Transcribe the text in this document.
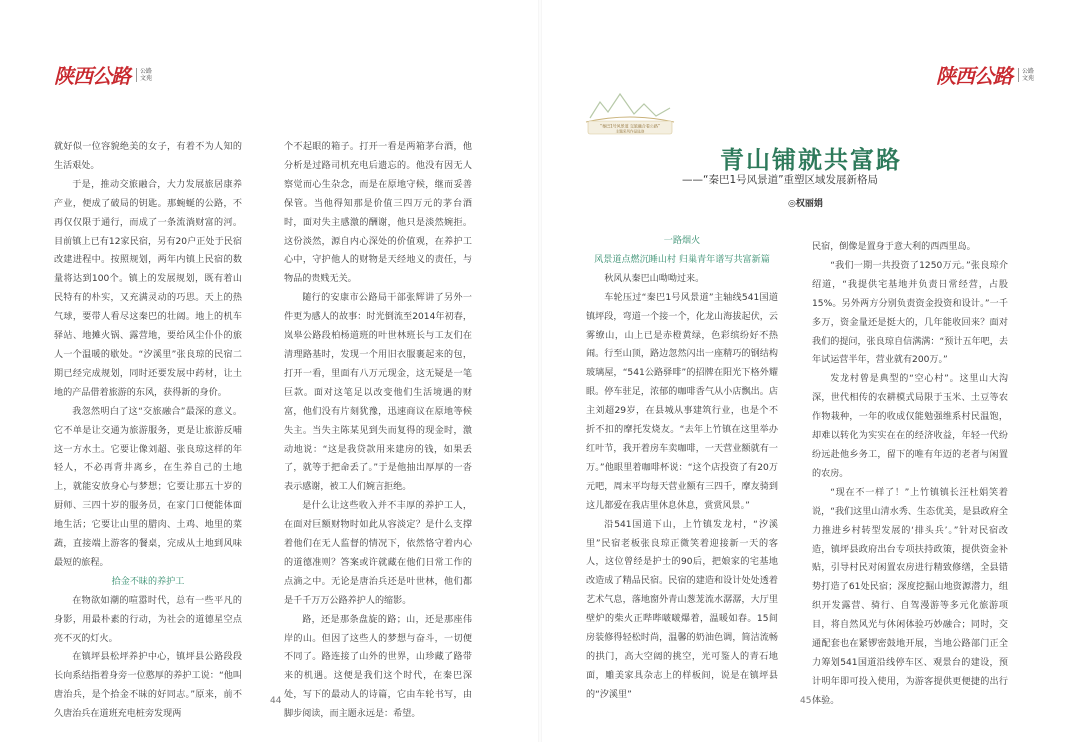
陕西公路 公路
文苑

就好似一位容貌绝美的女子，有着不为人知的生活艰处。

于是，推动交旅融合，大力发展旅居康养产业，便成了破局的钥匙。那蜿蜒的公路，不再仅仅限于通行，而成了一条流淌财富的河。目前镇上已有12家民宿，另有20户正处于民宿改建进程中。按照规划，两年内镇上民宿的数量将达到100个。镇上的发展规划，既有着山民特有的朴实，又充满灵动的巧思。天上的热气球，要带人看尽这秦巴的壮阔。地上的机车驿站、地摊火锅、露营地，要给风尘仆仆的旅人一个温暖的歇处。“汐溪里”张良琼的民宿二期已经完成规划，同时还要发展中药材，让土地的产品借着旅游的东风，获得新的身价。

我忽然明白了这“交旅融合”最深的意义。它不单是让交通为旅游服务，更是让旅游反哺这一方水土。它要让像刘超、张良琼这样的年轻人，不必再背井离乡，在生养自己的土地上，就能安放身心与梦想；它要让那五十岁的厨师、三四十岁的服务员，在家门口便能体面地生活；它要让山里的腊肉、土鸡、地里的菜蔬，直接端上游客的餐桌，完成从土地到风味最短的旅程。

拾金不昧的养护工

在物欲如潮的喧嚣时代，总有一些平凡的身影，用最朴素的行动，为社会的道德星空点亮不灭的灯火。

在镇坪县松坪养护中心，镇坪县公路段段长向系结指着身旁一位憨厚的养护工说：“他叫唐治兵，是个拾金不昧的好同志。”原来，前不久唐治兵在道班充电桩旁发现两

个不起眼的箱子。打开一看是两箱茅台酒，他分析是过路司机充电后遗忘的。他没有因无人察觉而心生杂念，而是在原地守候，继而妥善保管。当他得知那是价值三四万元的茅台酒时，面对失主感激的酬谢，他只是淡然婉拒。这份淡然，源自内心深处的价值观，在养护工心中，守护他人的财物是天经地义的责任，与物品的贵贱无关。

随行的安康市公路局干部张辉讲了另外一件更为感人的故事：时光倒流至2014年初春，岚皋公路段柏杨道班的叶世林班长与工友们在清理路基时，发现一个用旧衣服裹起来的包，打开一看，里面有八万元现金，这无疑是一笔巨款。面对这笔足以改变他们生活境遇的财富，他们没有片刻犹豫，迅速商议在原地等候失主。当失主陈某见到失而复得的现金时，激动地说：“这是我贷款用来建房的钱，如果丢了，就等于把命丢了。”于是他抽出厚厚的一沓表示感谢，被工人们婉言拒绝。

是什么让这些收入并不丰厚的养护工人，在面对巨额财物时如此从容淡定？是什么支撑着他们在无人监督的情况下，依然恪守着内心的道德准则？答案或许就藏在他们日常工作的点滴之中。无论是唐治兵还是叶世林，他们都是千千万万公路养护人的缩影。

路，还是那条盘旋的路；山，还是那座伟岸的山。但因了这些人的梦想与奋斗，一切便不同了。路连接了山外的世界，山珍藏了路带来的机遇。这便是我们这个时代，在秦巴深处，写下的最动人的诗篇，它由车轮书写，由脚步阅读，而主题永远是：希望。

44
陕西公路 公路
文苑
“秦巴1号风景道 交旅融合看公路”
主题采风作品选登
青山铺就共富路
——“秦巴1号风景道”重塑区域发展新格局
◎权丽娟

一路烟火

风景道点燃沉睡山村 归巢青年谱写共富新篇

秋风从秦巴山呦呦过来。

车轮压过“秦巴1号风景道”主轴线541国道镇坪段，弯道一个接一个，化龙山海拔起伏，云雾缭山，山上已是赤橙黄绿，色彩缤纷好不热闹。行至山顶，路边忽然闪出一座精巧的钢结构玻璃屋，“541公路驿啡”的招牌在阳光下格外耀眼。停车驻足，浓郁的咖啡香气从小店飘出。店主刘超29岁，在县城从事建筑行业，也是个不折不扣的摩托发烧友。“去年上竹镇在这里举办红叶节，我开着房车卖咖啡，一天营业额就有一万。”他眼里着咖啡杯说：“这个店投资了有20万元吧，周末平均每天营业额有三四千，摩友骑到这儿都爱在我店里休息休息，赏赏风景。”

沿541国道下山，上竹镇发龙村，“汐溪里”民宿老板张良琼正微笑着迎接新一天的客人，这位曾经是护士的90后，把娘家的宅基地改造成了精品民宿。民宿的建造和设计处处透着艺术气息，落地窗外青山葱茏流水潺潺，大厅里壁炉的柴火正哔哔啵啵爆着，温暖如春。15间房装修得轻松时尚，温馨的奶油色调，简洁流畅的拱门，高大空阔的挑空，光可鉴人的青石地面，雕美家具杂志上的样板间，说是在镇坪县的“汐溪里”

民宿，倒像是置身于意大利的西西里岛。

“我们一期一共投资了1250万元。”张良琼介绍道，“我提供宅基地并负责日常经营，占股15%。另外两方分别负责资金投资和设计。”一千多万，资金量还是挺大的，几年能收回来？面对我们的提问，张良琼自信满满：“预计五年吧，去年试运营半年，营业就有200万。”

发龙村曾是典型的“空心村”。这里山大沟深，世代相传的农耕模式局限于玉米、土豆等农作物栽种，一年的收成仅能勉强维系村民温饱，却难以转化为实实在在的经济收益，年轻一代纷纷远赴他乡务工，留下的唯有年迈的老者与闲置的农房。

“现在不一样了！”上竹镇镇长汪杜娟笑着说，“我们这里山清水秀、生态优美，是县政府全力推进乡村转型发展的‘排头兵’。”针对民宿改造，镇坪县政府出台专项扶持政策，提供资金补贴，引导村民对闲置农房进行精致修缮，全县错势打造了61处民宿；深度挖掘山地资源潜力，组织开发露营、骑行、自驾漫游等多元化旅游项目，将自然风光与休闲体验巧妙融合；同时，交通配套也在紧锣密鼓地开展，当地公路部门正全力筹划541国道沿线停车区、观景台的建设，预计明年即可投入使用，为游客提供更便捷的出行体验。

45
